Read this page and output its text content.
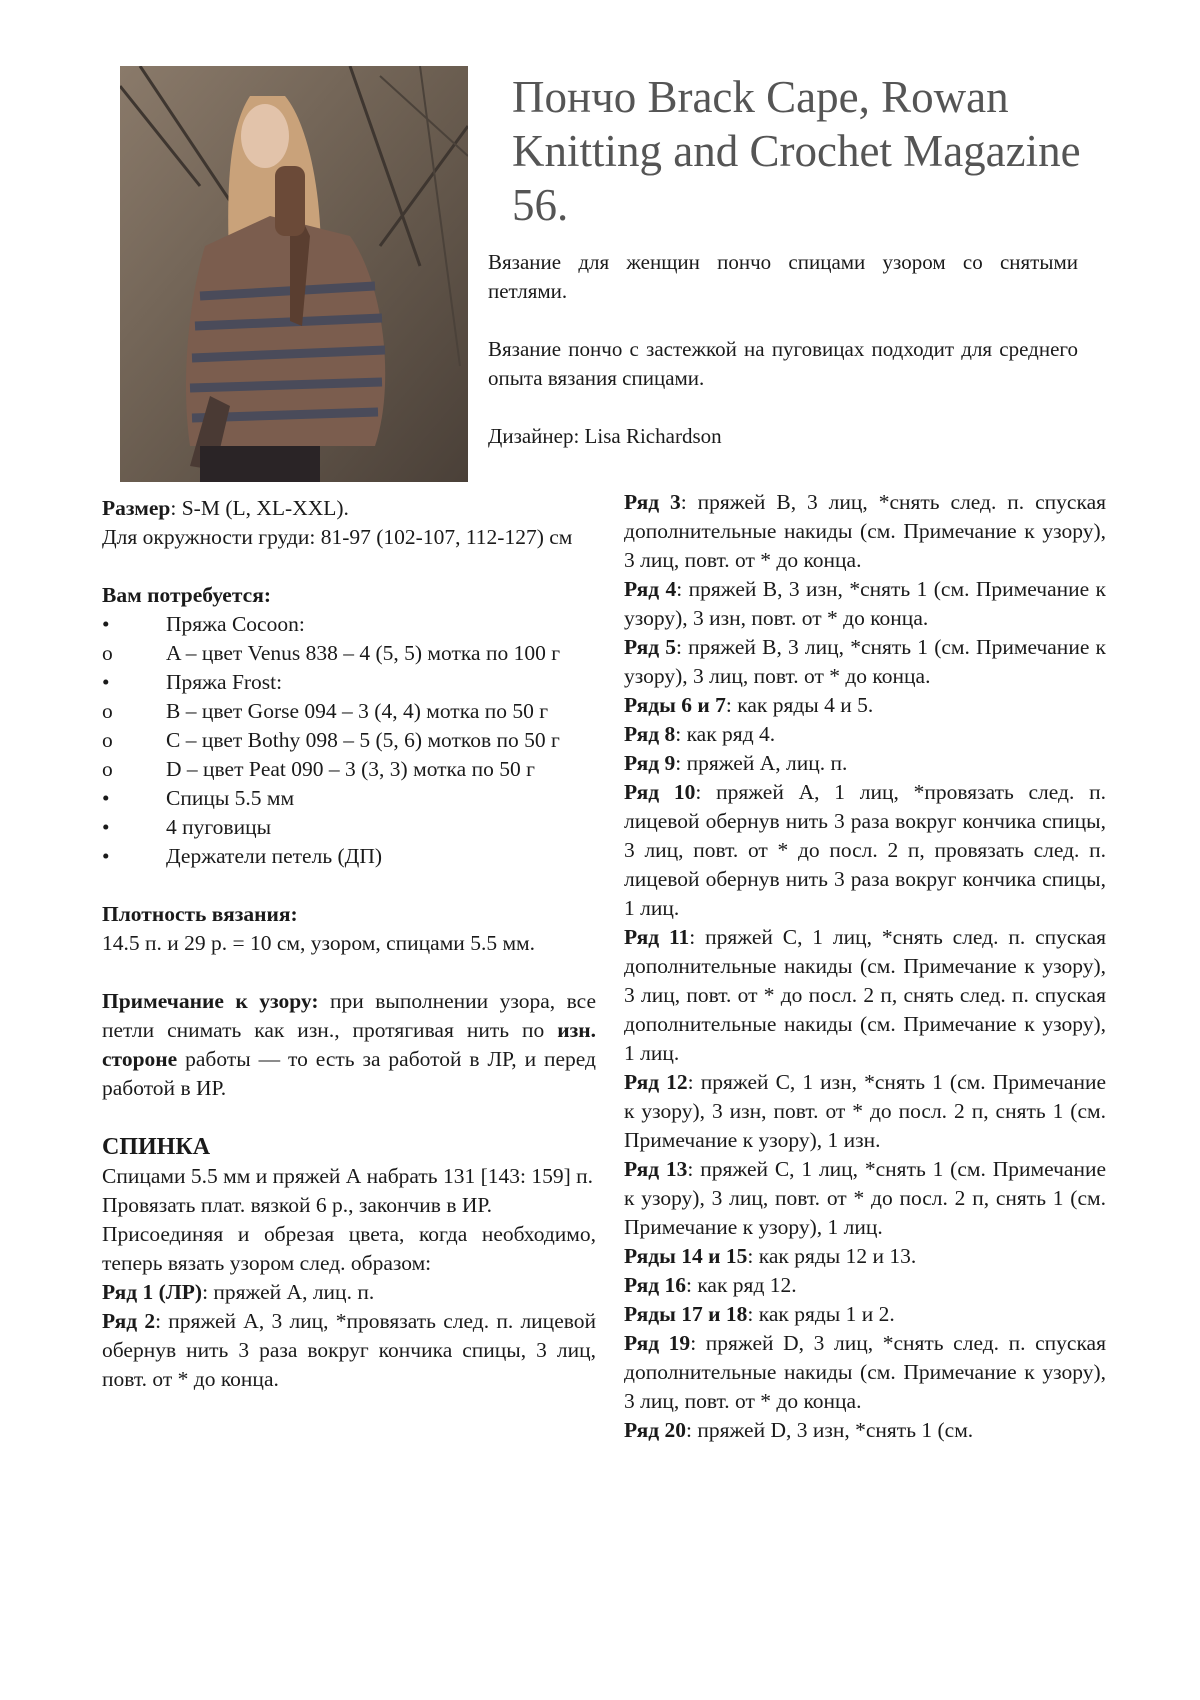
Пончо Brack Cape, Rowan Knitting and Crochet Magazine 56.

Вязание для женщин пончо спицами узором со снятыми петлями.

Вязание пончо с застежкой на пуговицах подходит для среднего опыта вязания спицами.

Дизайнер: Lisa Richardson

Размер: S-M (L, XL-XXL).

Для окружности груди: 81-97 (102-107, 112-127) см

Вам потребуется:

•	Пряжа Cocoon:
o	A – цвет Venus 838 – 4 (5, 5) мотка по 100 г
•	Пряжа Frost:
o	B – цвет Gorse 094 – 3 (4, 4) мотка по 50 г
o	C – цвет Bothy 098 – 5 (5, 6) мотков по 50 г
o	D – цвет Peat 090 – 3 (3, 3) мотка по 50 г
•	Спицы 5.5 мм
•	4 пуговицы
•	Держатели петель (ДП)

Плотность вязания:

14.5 п. и 29 р. = 10 см, узором, спицами 5.5 мм.

Примечание к узору: при выполнении узора, все петли снимать как изн., протягивая нить по изн. стороне работы — то есть за работой в ЛР, и перед работой в ИР.

СПИНКА

Спицами 5.5 мм и пряжей А набрать 131 [143: 159] п.

Провязать плат. вязкой 6 р., закончив в ИР.

Присоединяя и обрезая цвета, когда необходимо, теперь вязать узором след. образом:

Ряд 1 (ЛР): пряжей А, лиц. п.

Ряд 2: пряжей А, 3 лиц, *провязать след. п. лицевой обернув нить 3 раза вокруг кончика спицы, 3 лиц, повт. от * до конца.

Ряд 3: пряжей B, 3 лиц, *снять след. п. спуская дополнительные накиды (см. Примечание к узору), 3 лиц, повт. от * до конца.

Ряд 4: пряжей B, 3 изн, *снять 1 (см. Примечание к узору), 3 изн, повт. от * до конца.

Ряд 5: пряжей B, 3 лиц, *снять 1 (см. Примечание к узору), 3 лиц, повт. от * до конца.

Ряды 6 и 7: как ряды 4 и 5.

Ряд 8: как ряд 4.

Ряд 9: пряжей А, лиц. п.

Ряд 10: пряжей А, 1 лиц, *провязать след. п. лицевой обернув нить 3 раза вокруг кончика спицы, 3 лиц, повт. от * до посл. 2 п, провязать след. п. лицевой обернув нить 3 раза вокруг кончика спицы, 1 лиц.

Ряд 11: пряжей C, 1 лиц, *снять след. п. спуская дополнительные накиды (см. Примечание к узору), 3 лиц, повт. от * до посл. 2 п, снять след. п. спуская дополнительные накиды (см. Примечание к узору), 1 лиц.

Ряд 12: пряжей C, 1 изн, *снять 1 (см. Примечание к узору), 3 изн, повт. от * до посл. 2 п, снять 1 (см. Примечание к узору), 1 изн.

Ряд 13: пряжей C, 1 лиц, *снять 1 (см. Примечание к узору), 3 лиц, повт. от * до посл. 2 п, снять 1 (см. Примечание к узору), 1 лиц.

Ряды 14 и 15: как ряды 12 и 13.

Ряд 16: как ряд 12.

Ряды 17 и 18: как ряды 1 и 2.

Ряд 19: пряжей D, 3 лиц, *снять след. п. спуская дополнительные накиды (см. Примечание к узору), 3 лиц, повт. от * до конца.

Ряд 20: пряжей D, 3 изн, *снять 1 (см.
